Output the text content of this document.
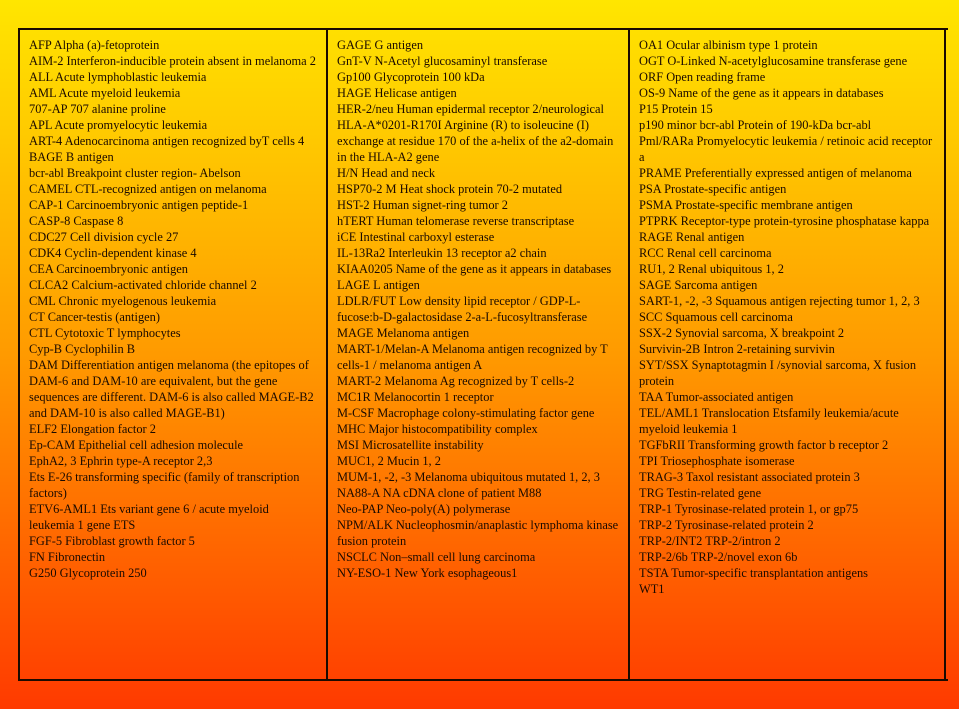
AFP Alpha (a)-fetoprotein
AIM-2 Interferon-inducible protein absent in melanoma 2
ALL Acute lymphoblastic leukemia
AML Acute myeloid leukemia
707-AP 707 alanine proline
APL Acute promyelocytic leukemia
ART-4 Adenocarcinoma antigen recognized byT cells 4
BAGE B antigen
bcr-abl Breakpoint cluster region- Abelson
CAMEL CTL-recognized antigen on melanoma
CAP-1 Carcinoembryonic antigen peptide-1
CASP-8 Caspase 8
CDC27 Cell division cycle 27
CDK4 Cyclin-dependent kinase 4
CEA Carcinoembryonic antigen
CLCA2 Calcium-activated chloride channel 2
CML Chronic myelogenous leukemia
CT Cancer-testis (antigen)
CTL Cytotoxic T lymphocytes
Cyp-B Cyclophilin B
DAM Differentiation antigen melanoma (the epitopes of DAM-6 and DAM-10 are equivalent, but the gene sequences are different. DAM-6 is also called MAGE-B2 and DAM-10 is also called MAGE-B1)
ELF2 Elongation factor 2
Ep-CAM Epithelial cell adhesion molecule
EphA2, 3 Ephrin type-A receptor 2,3
Ets E-26 transforming specific (family of transcription factors)
ETV6-AML1 Ets variant gene 6 / acute myeloid leukemia 1 gene ETS
FGF-5 Fibroblast growth factor 5
FN Fibronectin
G250 Glycoprotein 250
GAGE G antigen
GnT-V N-Acetyl glucosaminyl transferase
Gp100 Glycoprotein 100 kDa
HAGE Helicase antigen
HER-2/neu Human epidermal receptor 2/neurological
HLA-A*0201-R170I Arginine (R) to isoleucine (I) exchange at residue 170 of the a-helix of the a2-domain in the HLA-A2 gene
H/N Head and neck
HSP70-2 M Heat shock protein 70-2 mutated
HST-2 Human signet-ring tumor 2
hTERT Human telomerase reverse transcriptase
iCE Intestinal carboxyl esterase
IL-13Ra2 Interleukin 13 receptor a2 chain
KIAA0205 Name of the gene as it appears in databases
LAGE L antigen
LDLR/FUT Low density lipid receptor / GDP-L-fucose:b-D-galactosidase 2-a-L-fucosyltransferase
MAGE Melanoma antigen
MART-1/Melan-A Melanoma antigen recognized by T cells-1 / melanoma antigen A
MART-2 Melanoma Ag recognized by T cells-2
MC1R Melanocortin 1 receptor
M-CSF Macrophage colony-stimulating factor gene
MHC Major histocompatibility complex
MSI Microsatellite instability
MUC1, 2 Mucin 1, 2
MUM-1, -2, -3 Melanoma ubiquitous mutated 1, 2, 3
NA88-A NA cDNA clone of patient M88
Neo-PAP Neo-poly(A) polymerase
NPM/ALK Nucleophosmin/anaplastic lymphoma kinase fusion protein
NSCLC Non–small cell lung carcinoma
NY-ESO-1 New York esophageous1
OA1 Ocular albinism type 1 protein
OGT O-Linked N-acetylglucosamine transferase gene
ORF Open reading frame
OS-9 Name of the gene as it appears in databases
P15 Protein 15
p190 minor bcr-abl Protein of 190-kDa bcr-abl
Pml/RARa Promyelocytic leukemia / retinoic acid receptor a
PRAME Preferentially expressed antigen of melanoma
PSA Prostate-specific antigen
PSMA Prostate-specific membrane antigen
PTPRK Receptor-type protein-tyrosine phosphatase kappa
RAGE Renal antigen
RCC Renal cell carcinoma
RU1, 2 Renal ubiquitous 1, 2
SAGE Sarcoma antigen
SART-1, -2, -3 Squamous antigen rejecting tumor 1, 2, 3
SCC Squamous cell carcinoma
SSX-2 Synovial sarcoma, X breakpoint 2
Survivin-2B Intron 2-retaining survivin
SYT/SSX Synaptotagmin I /synovial sarcoma, X fusion protein
TAA Tumor-associated antigen
TEL/AML1 Translocation Etsfamily leukemia/acute myeloid leukemia 1
TGFbRII Transforming growth factor b receptor 2
TPI Triosephosphate isomerase
TRAG-3 Taxol resistant associated protein 3
TRG Testin-related gene
TRP-1 Tyrosinase-related protein 1, or gp75
TRP-2 Tyrosinase-related protein 2
TRP-2/INT2 TRP-2/intron 2
TRP-2/6b TRP-2/novel exon 6b
TSTA Tumor-specific transplantation antigens
WT1
